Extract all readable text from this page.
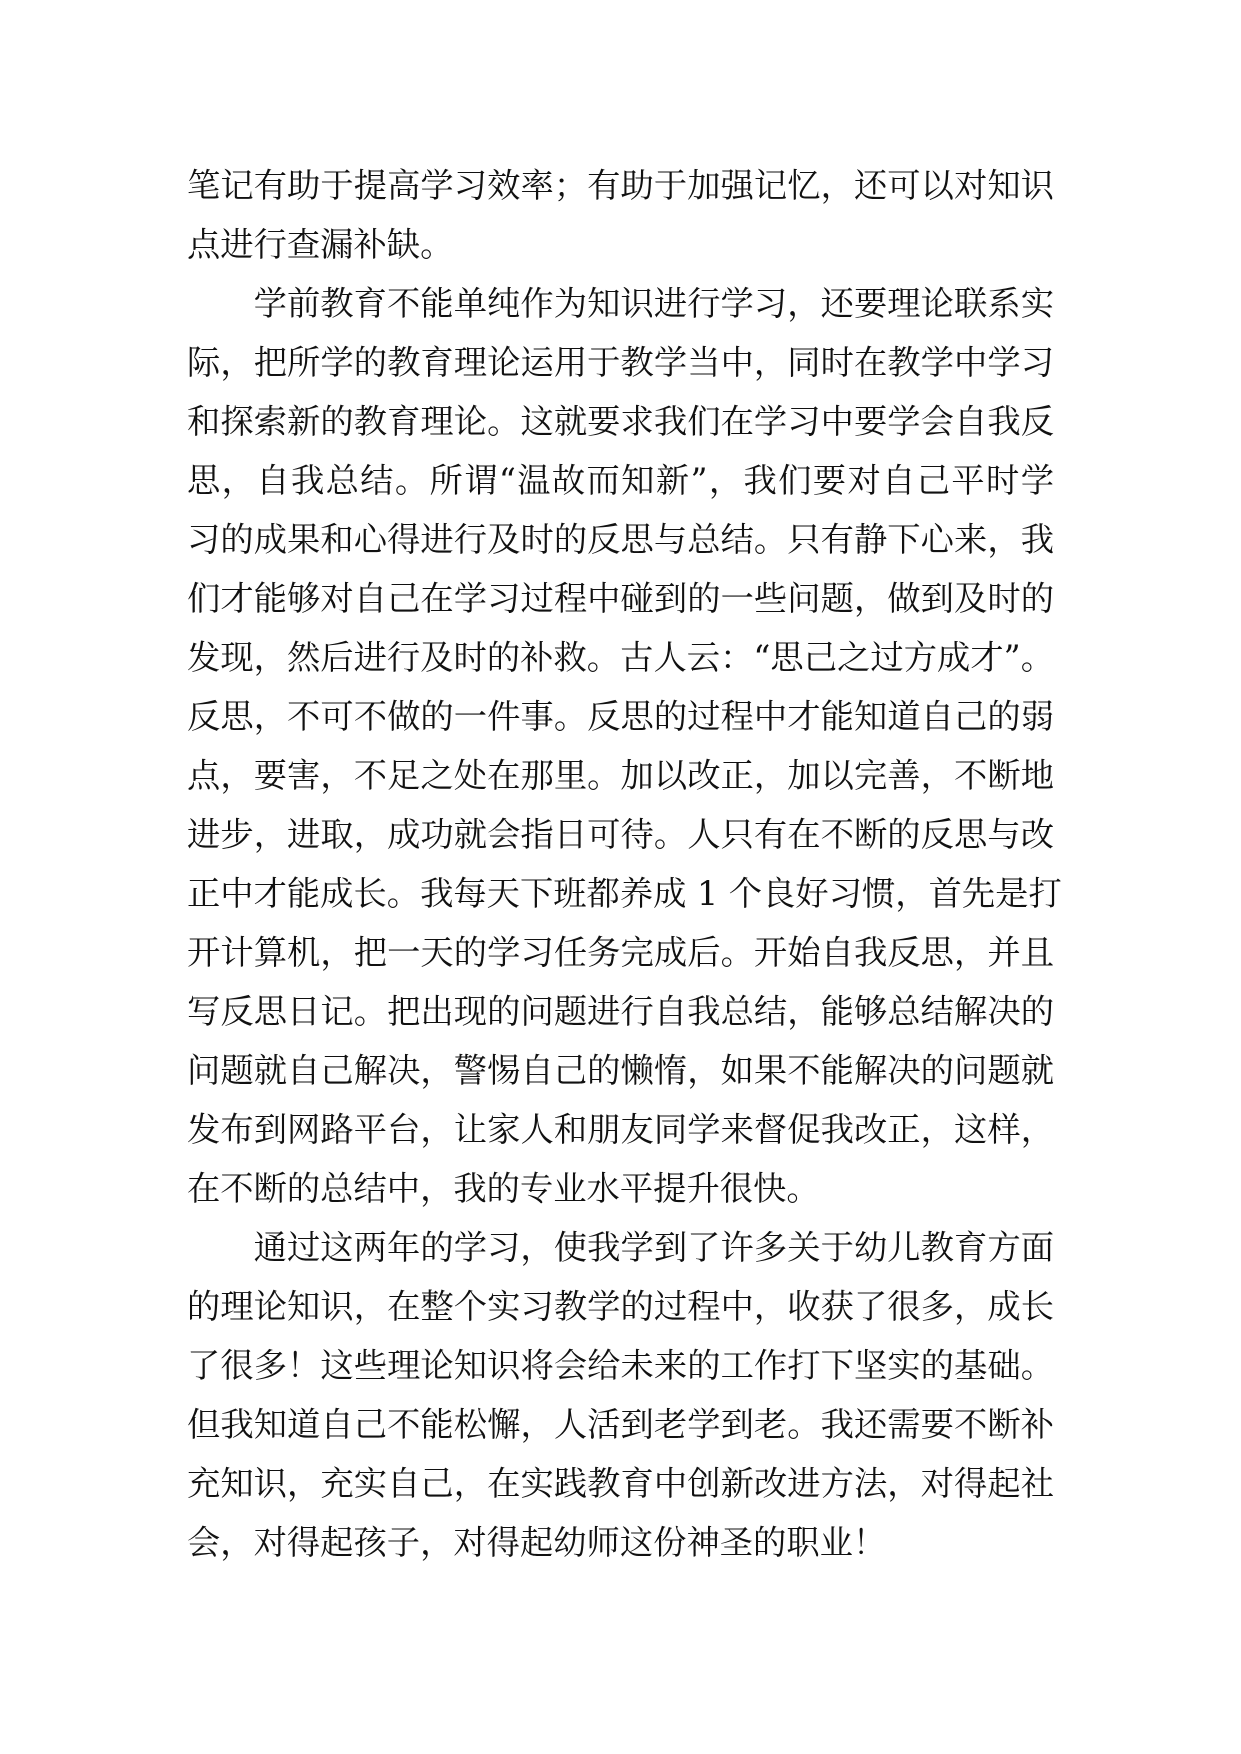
笔记有助于提高学习效率；有助于加强记忆，还可以对知识
点进行查漏补缺。
学前教育不能单纯作为知识进行学习，还要理论联系实
际，把所学的教育理论运用于教学当中，同时在教学中学习
和探索新的教育理论。这就要求我们在学习中要学会自我反
思，自我总结。所谓“温故而知新”，我们要对自己平时学
习的成果和心得进行及时的反思与总结。只有静下心来，我
们才能够对自己在学习过程中碰到的一些问题，做到及时的
发现，然后进行及时的补救。古人云：“思己之过方成才”。
反思，不可不做的一件事。反思的过程中才能知道自己的弱
点，要害，不足之处在那里。加以改正，加以完善，不断地
进步，进取，成功就会指日可待。人只有在不断的反思与改
正中才能成长。我每天下班都养成 1 个良好习惯，首先是打
开计算机，把一天的学习任务完成后。开始自我反思，并且
写反思日记。把出现的问题进行自我总结，能够总结解决的
问题就自己解决，警惕自己的懒惰，如果不能解决的问题就
发布到网路平台，让家人和朋友同学来督促我改正，这样，
在不断的总结中，我的专业水平提升很快。
通过这两年的学习，使我学到了许多关于幼儿教育方面
的理论知识，在整个实习教学的过程中，收获了很多，成长
了很多！这些理论知识将会给未来的工作打下坚实的基础。
但我知道自己不能松懈，人活到老学到老。我还需要不断补
充知识，充实自己，在实践教育中创新改进方法，对得起社
会，对得起孩子，对得起幼师这份神圣的职业！
